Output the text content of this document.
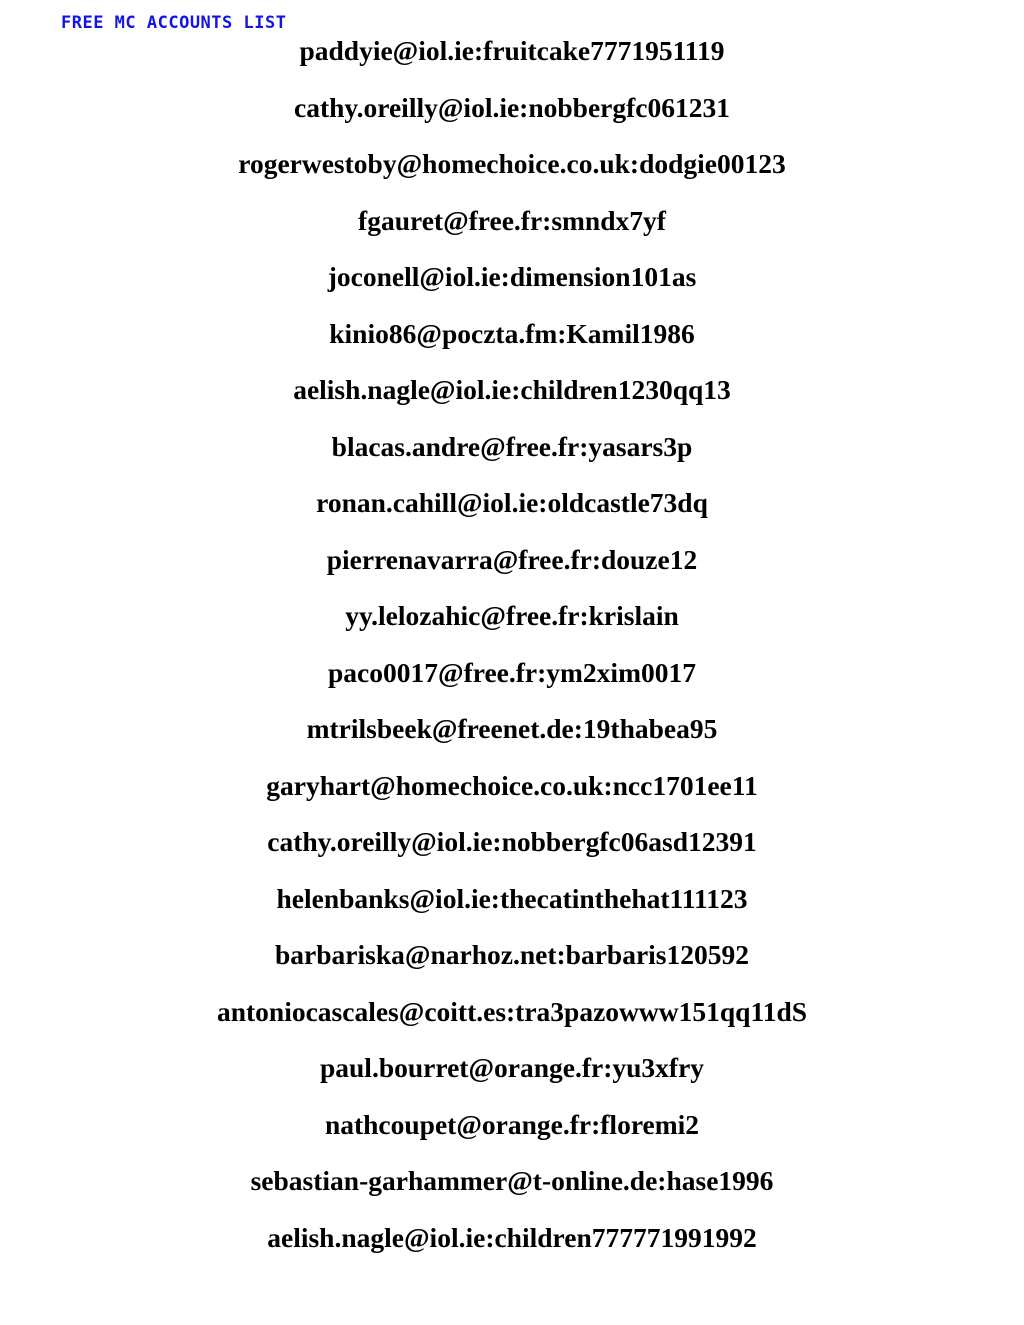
FREE MC ACCOUNTS LIST
paddyie@iol.ie:fruitcake7771951119
cathy.oreilly@iol.ie:nobbergfc061231
rogerwestoby@homechoice.co.uk:dodgie00123
fgauret@free.fr:smndx7yf
joconell@iol.ie:dimension101as
kinio86@poczta.fm:Kamil1986
aelish.nagle@iol.ie:children1230qq13
blacas.andre@free.fr:yasars3p
ronan.cahill@iol.ie:oldcastle73dq
pierrenavarra@free.fr:douze12
yy.lelozahic@free.fr:krislain
paco0017@free.fr:ym2xim0017
mtrilsbeek@freenet.de:19thabea95
garyhart@homechoice.co.uk:ncc1701ee11
cathy.oreilly@iol.ie:nobbergfc06asd12391
helenbanks@iol.ie:thecatinthehat111123
barbariska@narhoz.net:barbaris120592
antoniocascales@coitt.es:tra3pazowww151qq11dS
paul.bourret@orange.fr:yu3xfry
nathcoupet@orange.fr:floremi2
sebastian-garhammer@t-online.de:hase1996
aelish.nagle@iol.ie:children777771991992
